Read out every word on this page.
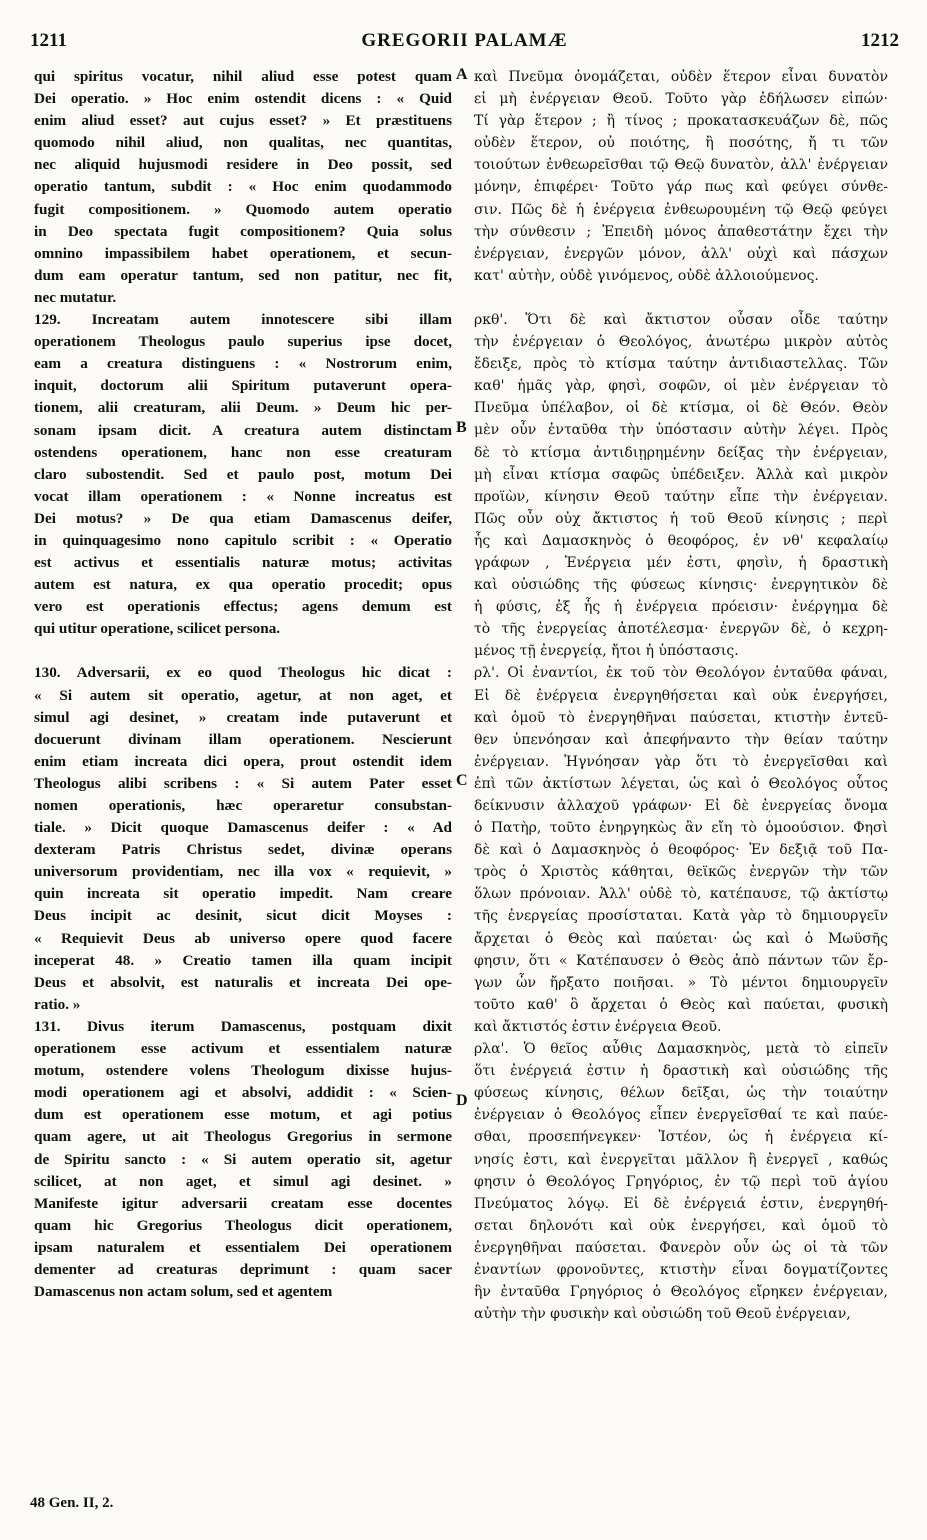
1211	GREGORII PALAMÆ	1212
qui spiritus vocatur, nihil aliud esse potest quam
Dei operatio. » Hoc enim ostendit dicens : « Quid
enim aliud esset? aut cujus esset? » Et præstituens
quomodo nihil aliud, non qualitas, nec quantitas,
nec aliquid hujusmodi residere in Deo possit, sed
operatio tantum, subdit : « Hoc enim quodammodo
fugit compositionem. » Quomodo autem operatio
in Deo spectata fugit compositionem? Quia solus
omnino impassibilem habet operationem, et secun-
dum eam operatur tantum, sed non patitur, nec fit,
nec mutatur.
129. Increatam autem innotescere sibi illam
operationem Theologus paulo superius ipse docet,
eam a creatura distinguens : « Nostrorum enim,
inquit, doctorum alii Spiritum putaverunt opera-
tionem, alii creaturam, alii Deum. » Deum hic per-
sonam ipsam dicit. A creatura autem distinctam
ostendens operationem, hanc non esse creaturam
claro subostendit. Sed et paulo post, motum Dei
vocat illam operationem : « Nonne increatus est
Dei motus? » De qua etiam Damascenus deifer,
in quinquagesimo nono capitulo scribit : « Operatio
est activus et essentialis naturæ motus; activitas
autem est natura, ex qua operatio procedit; opus
vero est operationis effectus; agens demum est
qui utitur operatione, scilicet persona.
130. Adversarii, ex eo quod Theologus hic dicat :
« Si autem sit operatio, agetur, at non aget, et
simul agi desinet, » creatam inde putaverunt et
docuerunt divinam illam operationem. Nescierunt
enim etiam increata dici opera, prout ostendit idem
Theologus alibi scribens : « Si autem Pater esset
nomen operationis, hæc operaretur consubstan-
tiale. » Dicit quoque Damascenus deifer : « Ad
dexteram Patris Christus sedet, divinæ operans
universorum providentiam, nec illa vox « requievit, »
quin increata sit operatio impedit. Nam creare
Deus incipit ac desinit, sicut dicit Moyses :
« Requievit Deus ab universo opere quod facere
inceperat 48. » Creatio tamen illa quam incipit
Deus et absolvit, est naturalis et increata Dei ope-
ratio. »
131. Divus iterum Damascenus, postquam dixit
operationem esse activum et essentialem naturæ
motum, ostendere volens Theologum dixisse hujus-
modi operationem agi et absolvi, addidit : « Scien-
dum est operationem esse motum, et agi potius
quam agere, ut ait Theologus Gregorius in sermone
de Spiritu sancto : « Si autem operatio sit, agetur
scilicet, at non aget, et simul agi desinet. »
Manifeste igitur adversarii creatam esse docentes
quam hic Gregorius Theologus dicit operationem,
ipsam naturalem et essentialem Dei operationem
dementer ad creaturas deprimunt : quam sacer
Damascenus non actam solum, sed et agentem
καὶ Πνεῦμα ὀνομάζεται, οὐδὲν ἕτερον εἶναι δυνατὸν
εἰ μὴ ἐνέργειαν Θεοῦ. Τοῦτο γὰρ ἐδήλωσεν εἰπών·
Τί γὰρ ἕτερον ; ἢ τίνος ; προκατασκευάζων δὲ, πῶς
οὐδὲν ἕτερον, οὐ ποιότης, ἢ ποσότης, ἤ τι τῶν
τοιούτων ἐνθεωρεῖσθαι τῷ Θεῷ δυνατὸν, ἀλλ' ἐνέργειαν
μόνην, ἐπιφέρει· Τοῦτο γάρ πως καὶ φεύγει σύνθε-
σιν. Πῶς δὲ ἡ ἐνέργεια ἐνθεωρουμένη τῷ Θεῷ φεύγει
τὴν σύνθεσιν ; Ἐπειδὴ μόνος ἀπαθεστάτην ἔχει τὴν
ἐνέργειαν, ἐνεργῶν μόνον, ἀλλ' οὐχὶ καὶ πάσχων
κατ' αὐτὴν, οὐδὲ γινόμενος, οὐδὲ ἀλλοιούμενος.
ρκθ'. Ὅτι δὲ καὶ ἄκτιστον οὖσαν οἶδε ταύτην
τὴν ἐνέργειαν ὁ Θεολόγος, ἀνωτέρω μικρὸν αὐτὸς
ἔδειξε, πρὸς τὸ κτίσμα ταύτην ἀντιδιαστελλας. Τῶν
καθ' ἡμᾶς γὰρ, φησὶ, σοφῶν, οἱ μὲν ἐνέργειαν τὸ
Πνεῦμα ὑπέλαβον, οἱ δὲ κτίσμα, οἱ δὲ Θεόν. Θεὸν
μὲν οὖν ἐνταῦθα τὴν ὑπόστασιν αὐτὴν λέγει. Πρὸς
δὲ τὸ κτίσμα ἀντιδιῃρημένην δείξας τὴν ἐνέργειαν,
μὴ εἶναι κτίσμα σαφῶς ὑπέδειξεν. Ἀλλὰ καὶ μικρὸν
προϊὼν, κίνησιν Θεοῦ ταύτην εἶπε τὴν ἐνέργειαν.
Πῶς οὖν οὐχ ἄκτιστος ἡ τοῦ Θεοῦ κίνησις ; περὶ
ἧς καὶ Δαμασκηνὸς ὁ θεοφόρος, ἐν νθ' κεφαλαίῳ
γράφων , Ἐνέργεια μέν ἐστι, φησὶν, ἡ δραστικὴ
καὶ οὐσιώδης τῆς φύσεως κίνησις· ἐνεργητικὸν δὲ
ἡ φύσις, ἐξ ἧς ἡ ἐνέργεια πρόεισιν· ἐνέργημα δὲ
τὸ τῆς ἐνεργείας ἀποτέλεσμα· ἐνεργῶν δὲ, ὁ κεχρη-
μένος τῇ ἐνεργείᾳ, ἤτοι ἡ ὑπόστασις.
ρλ'. Οἱ ἐναντίοι, ἐκ τοῦ τὸν Θεολόγον ἐνταῦθα φάναι,
Εἰ δὲ ἐνέργεια ἐνεργηθήσεται καὶ οὐκ ἐνεργήσει,
καὶ ὁμοῦ τὸ ἐνεργηθῆναι παύσεται, κτιστὴν ἐντεῦ-
θεν ὑπενόησαν καὶ ἀπεφήναντο τὴν θείαν ταύτην
ἐνέργειαν. Ἠγνόησαν γὰρ ὅτι τὸ ἐνεργεῖσθαι καὶ
ἐπὶ τῶν ἀκτίστων λέγεται, ὡς καὶ ὁ Θεολόγος οὗτος
δείκνυσιν ἀλλαχοῦ γράφων· Εἰ δὲ ἐνεργείας ὄνομα
ὁ Πατὴρ, τοῦτο ἐνηργηκὼς ἂν εἴη τὸ ὁμοούσιον. Φησὶ
δὲ καὶ ὁ Δαμασκηνὸς ὁ θεοφόρος· Ἐν δεξιᾷ τοῦ Πα-
τρὸς ὁ Χριστὸς κάθηται, θεϊκῶς ἐνεργῶν τὴν τῶν
ὅλων πρόνοιαν. Ἀλλ' οὐδὲ τὸ, κατέπαυσε, τῷ ἀκτίστῳ
τῆς ἐνεργείας προσίσταται. Κατὰ γὰρ τὸ δημιουργεῖν
ἄρχεται ὁ Θεὸς καὶ παύεται· ὡς καὶ ὁ Μωϋσῆς
φησιν, ὅτι « Κατέπαυσεν ὁ Θεὸς ἀπὸ πάντων τῶν ἔρ-
γων ὧν ἤρξατο ποιῆσαι. » Τὸ μέντοι δημιουργεῖν
τοῦτο καθ' ὃ ἄρχεται ὁ Θεὸς καὶ παύεται, φυσικὴ
καὶ ἄκτιστός ἐστιν ἐνέργεια Θεοῦ.
ρλα'. Ὁ θεῖος αὖθις Δαμασκηνὸς, μετὰ τὸ εἰπεῖν
ὅτι ἐνέργειά ἐστιν ἡ δραστικὴ καὶ οὐσιώδης τῆς
φύσεως κίνησις, θέλων δεῖξαι, ὡς τὴν τοιαύτην
ἐνέργειαν ὁ Θεολόγος εἶπεν ἐνεργεῖσθαί τε καὶ παύε-
σθαι, προσεπήνεγκεν· Ἰστέον, ὡς ἡ ἐνέργεια κί-
νησίς ἐστι, καὶ ἐνεργεῖται μᾶλλον ἢ ἐνεργεῖ , καθώς
φησιν ὁ Θεολόγος Γρηγόριος, ἐν τῷ περὶ τοῦ ἁγίου
Πνεύματος λόγῳ. Εἰ δὲ ἐνέργειά ἐστιν, ἐνεργηθή-
σεται δηλονότι καὶ οὐκ ἐνεργήσει, καὶ ὁμοῦ τὸ
ἐνεργηθῆναι παύσεται. Φανερὸν οὖν ὡς οἱ τὰ τῶν
ἐναντίων φρονοῦντες, κτιστὴν εἶναι δογματίζοντες
ἣν ἐνταῦθα Γρηγόριος ὁ Θεολόγος εἴρηκεν ἐνέργειαν,
αὐτὴν τὴν φυσικὴν καὶ οὐσιώδη τοῦ Θεοῦ ἐνέργειαν,
A
B
C
D
48 Gen. II, 2.
